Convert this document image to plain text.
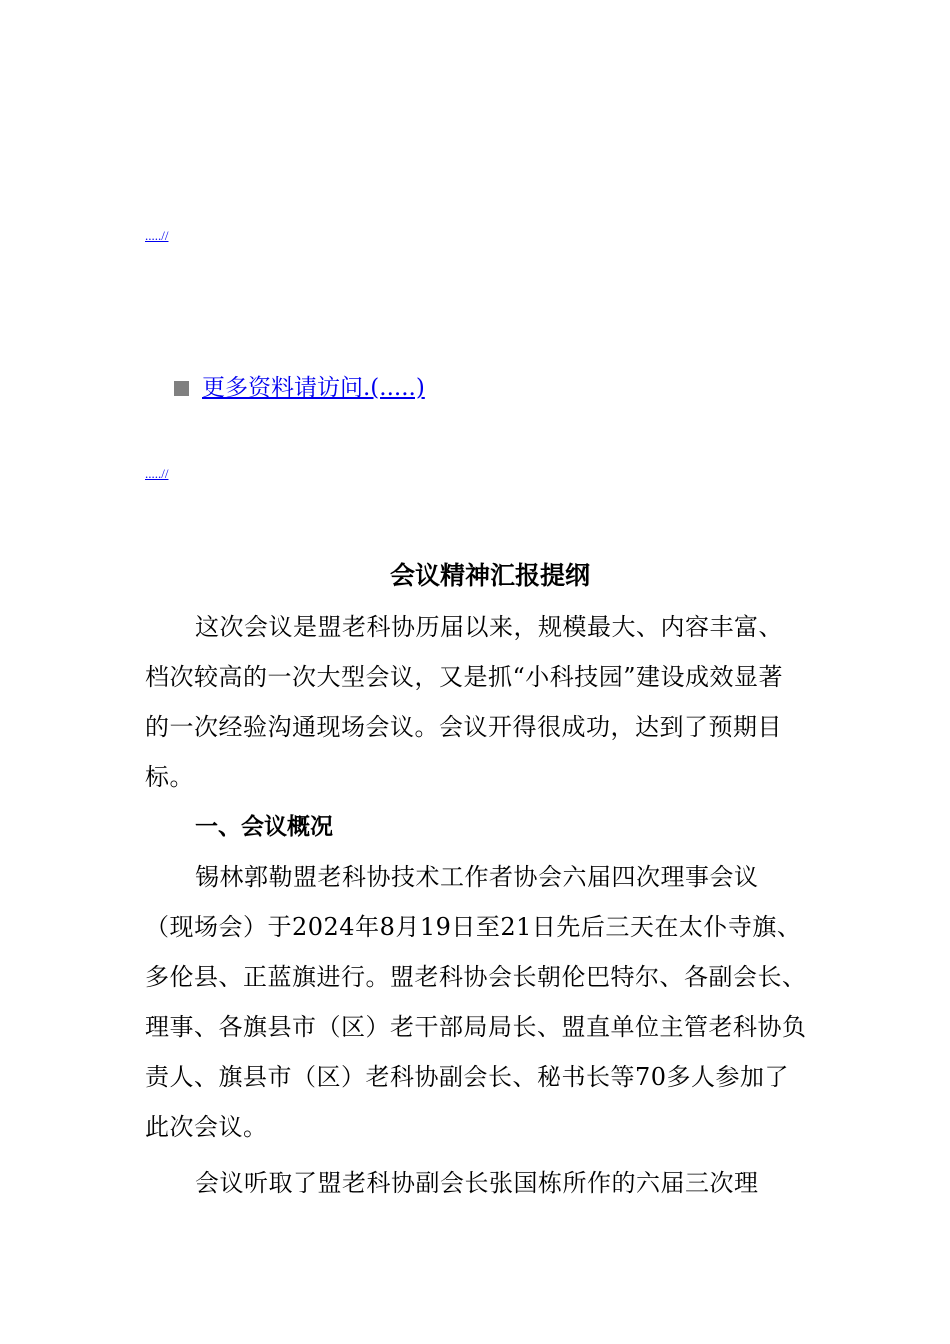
.....//
更多资料请访问.(.....)
.....//
会议精神汇报提纲

这次会议是盟老科协历届以来，规模最大、内容丰富、档次较高的一次大型会议，又是抓“小科技园”建设成效显著的一次经验沟通现场会议。会议开得很成功，达到了预期目标。

一、会议概况

锡林郭勒盟老科协技术工作者协会六届四次理事会议（现场会）于2024年8月19日至21日先后三天在太仆寺旗、多伦县、正蓝旗进行。盟老科协会长朝伦巴特尔、各副会长、理事、各旗县市（区）老干部局局长、盟直单位主管老科协负责人、旗县市（区）老科协副会长、秘书长等70多人参加了此次会议。

会议听取了盟老科协副会长张国栋所作的六届三次理
